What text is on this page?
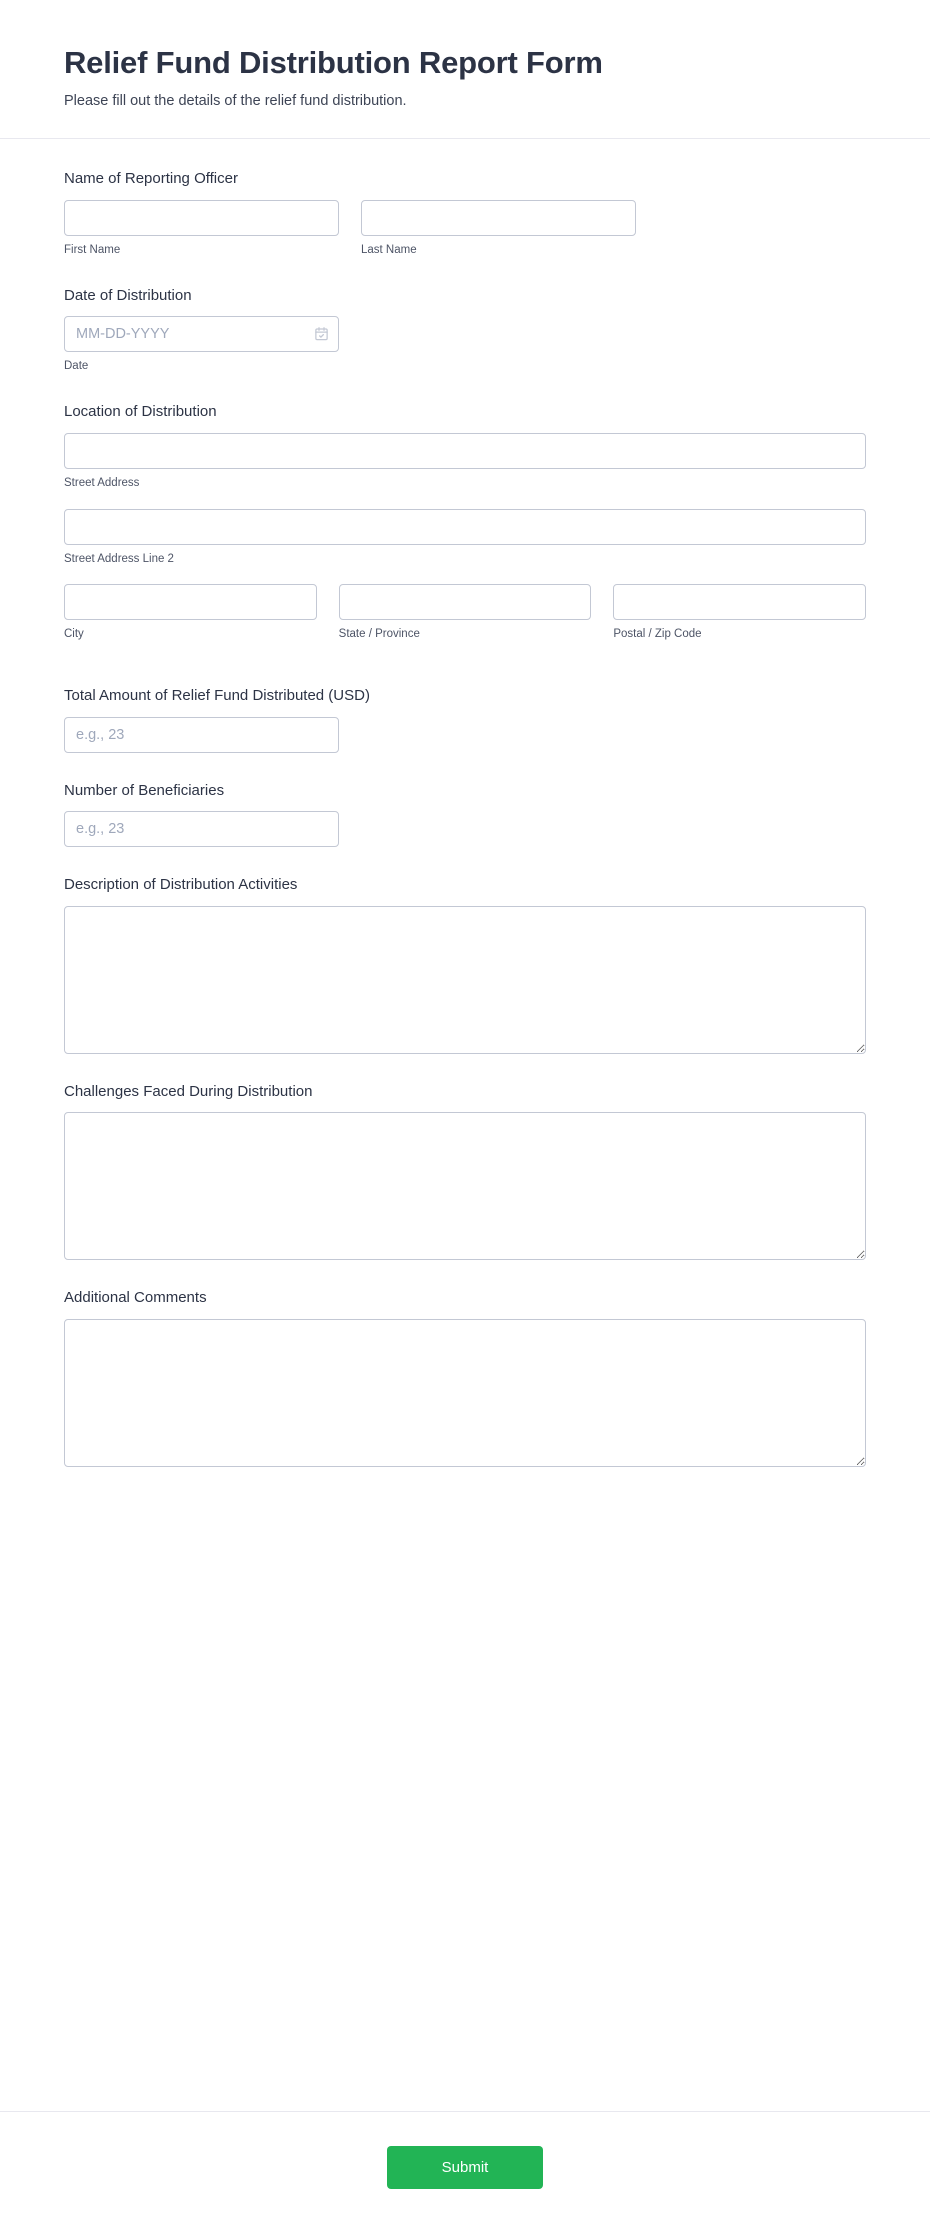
Relief Fund Distribution Report Form

Please fill out the details of the relief fund distribution.

Name of Reporting Officer
First Name	Last Name
Date of Distribution
MM-DD-YYYY
Date
Location of Distribution
Street Address
Street Address Line 2
City	State / Province	Postal / Zip Code
Total Amount of Relief Fund Distributed (USD)
e.g., 23
Number of Beneficiaries
e.g., 23
Description of Distribution Activities
Challenges Faced During Distribution
Additional Comments
Submit
